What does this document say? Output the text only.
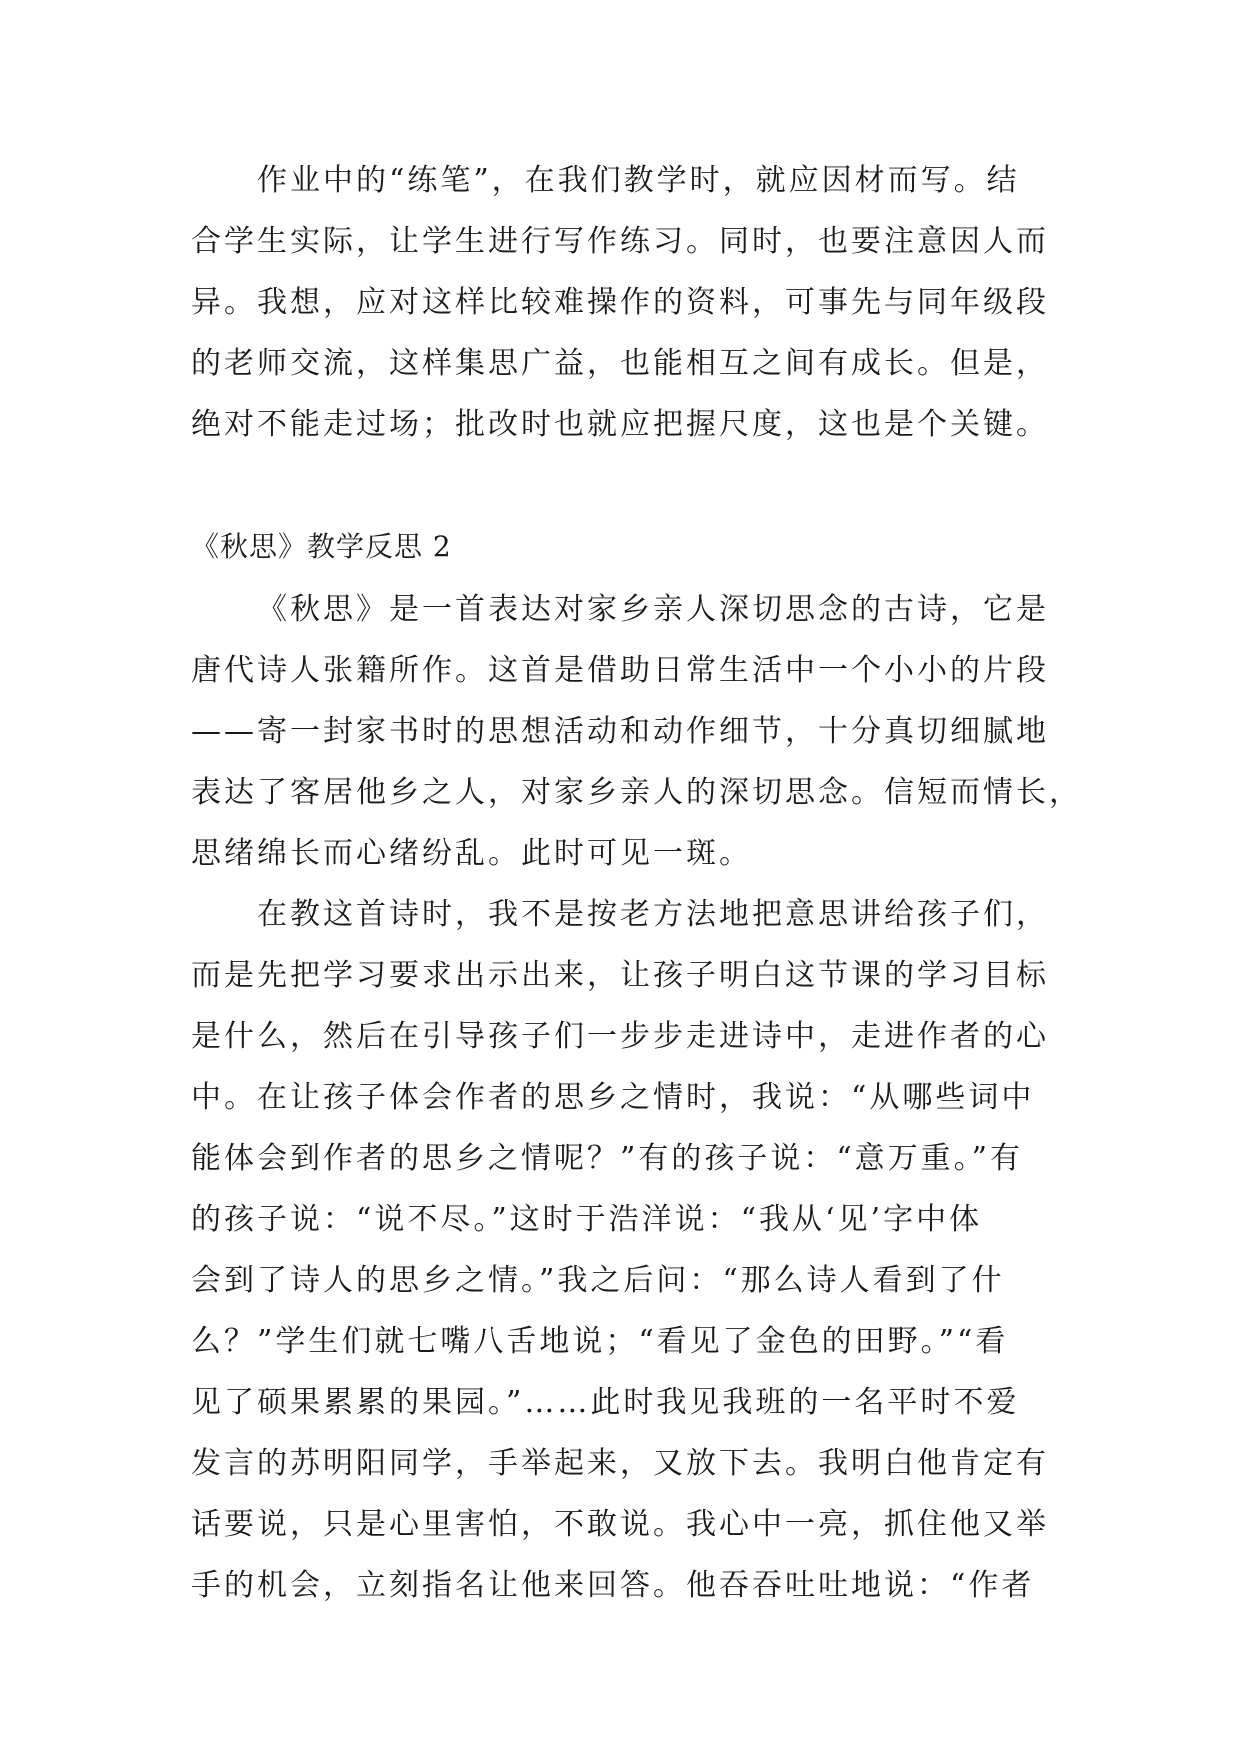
作业中的“练笔”，在我们教学时，就应因材而写。结
合学生实际，让学生进行写作练习。同时，也要注意因人而
异。我想，应对这样比较难操作的资料，可事先与同年级段
的老师交流，这样集思广益，也能相互之间有成长。但是，
绝对不能走过场；批改时也就应把握尺度，这也是个关键。
《秋思》教学反思 2
《秋思》是一首表达对家乡亲人深切思念的古诗，它是
唐代诗人张籍所作。这首是借助日常生活中一个小小的片段
——寄一封家书时的思想活动和动作细节，十分真切细腻地
表达了客居他乡之人，对家乡亲人的深切思念。信短而情长，
思绪绵长而心绪纷乱。此时可见一斑。
在教这首诗时，我不是按老方法地把意思讲给孩子们，
而是先把学习要求出示出来，让孩子明白这节课的学习目标
是什么，然后在引导孩子们一步步走进诗中，走进作者的心
中。在让孩子体会作者的思乡之情时，我说：“从哪些词中
能体会到作者的思乡之情呢？”有的孩子说：“意万重。”有
的孩子说：“说不尽。”这时于浩洋说：“我从‘见’字中体
会到了诗人的思乡之情。”我之后问：“那么诗人看到了什
么？”学生们就七嘴八舌地说；“看见了金色的田野。”“看
见了硕果累累的果园。”……此时我见我班的一名平时不爱
发言的苏明阳同学，手举起来，又放下去。我明白他肯定有
话要说，只是心里害怕，不敢说。我心中一亮，抓住他又举
手的机会，立刻指名让他来回答。他吞吞吐吐地说：“作者
